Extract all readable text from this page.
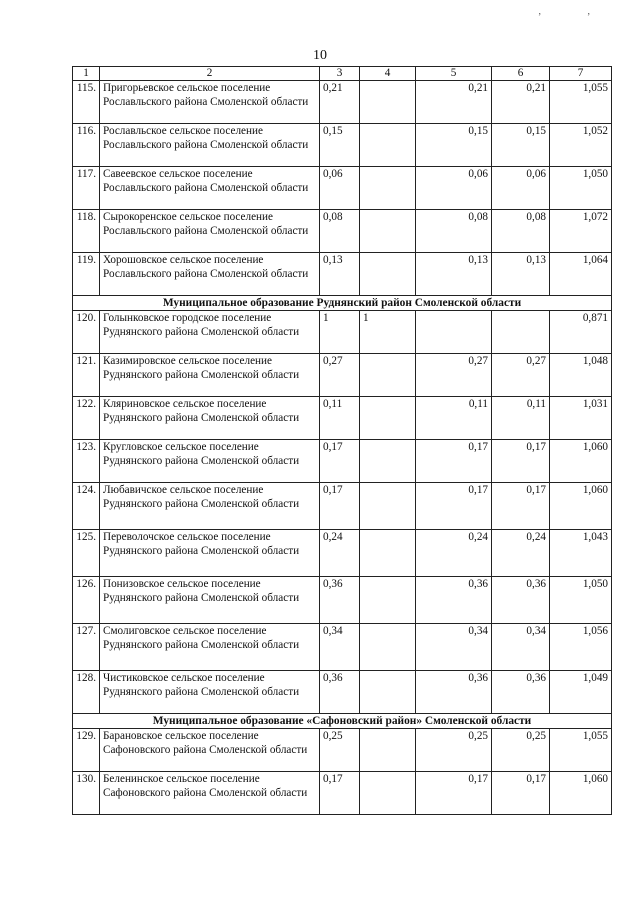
, ,
10
1	2	3	4	5	6	7
115.	Пригорьевское сельское поселение Рославльского района Смоленской области	0,21		0,21	0,21	1,055
116.	Рославльское сельское поселение Рославльского района Смоленской области	0,15		0,15	0,15	1,052
117.	Савеевское сельское поселение Рославльского района Смоленской области	0,06		0,06	0,06	1,050
118.	Сырокоренское сельское поселение Рославльского района Смоленской области	0,08		0,08	0,08	1,072
119.	Хорошовское сельское поселение Рославльского района Смоленской области	0,13		0,13	0,13	1,064
Муниципальное образование Руднянский район Смоленской области						
120.	Голынковское городское поселение Руднянского района Смоленской области	1	1			0,871
121.	Казимировское сельское поселение Руднянского района Смоленской области	0,27		0,27	0,27	1,048
122.	Кляриновское сельское поселение Руднянского района Смоленской области	0,11		0,11	0,11	1,031
123.	Кругловское сельское поселение Руднянского района Смоленской области	0,17		0,17	0,17	1,060
124.	Любавичское сельское поселение Руднянского района Смоленской области	0,17		0,17	0,17	1,060
125.	Переволочское сельское поселение Руднянского района Смоленской области	0,24		0,24	0,24	1,043
126.	Понизовское сельское поселение Руднянского района Смоленской области	0,36		0,36	0,36	1,050
127.	Смолиговское сельское поселение Руднянского района Смоленской области	0,34		0,34	0,34	1,056
128.	Чистиковское сельское поселение Руднянского района Смоленской области	0,36		0,36	0,36	1,049
Муниципальное образование «Сафоновский район» Смоленской области						
129.	Барановское сельское поселение Сафоновского района Смоленской области	0,25		0,25	0,25	1,055
130.	Беленинское сельское поселение Сафоновского района Смоленской области	0,17		0,17	0,17	1,060
